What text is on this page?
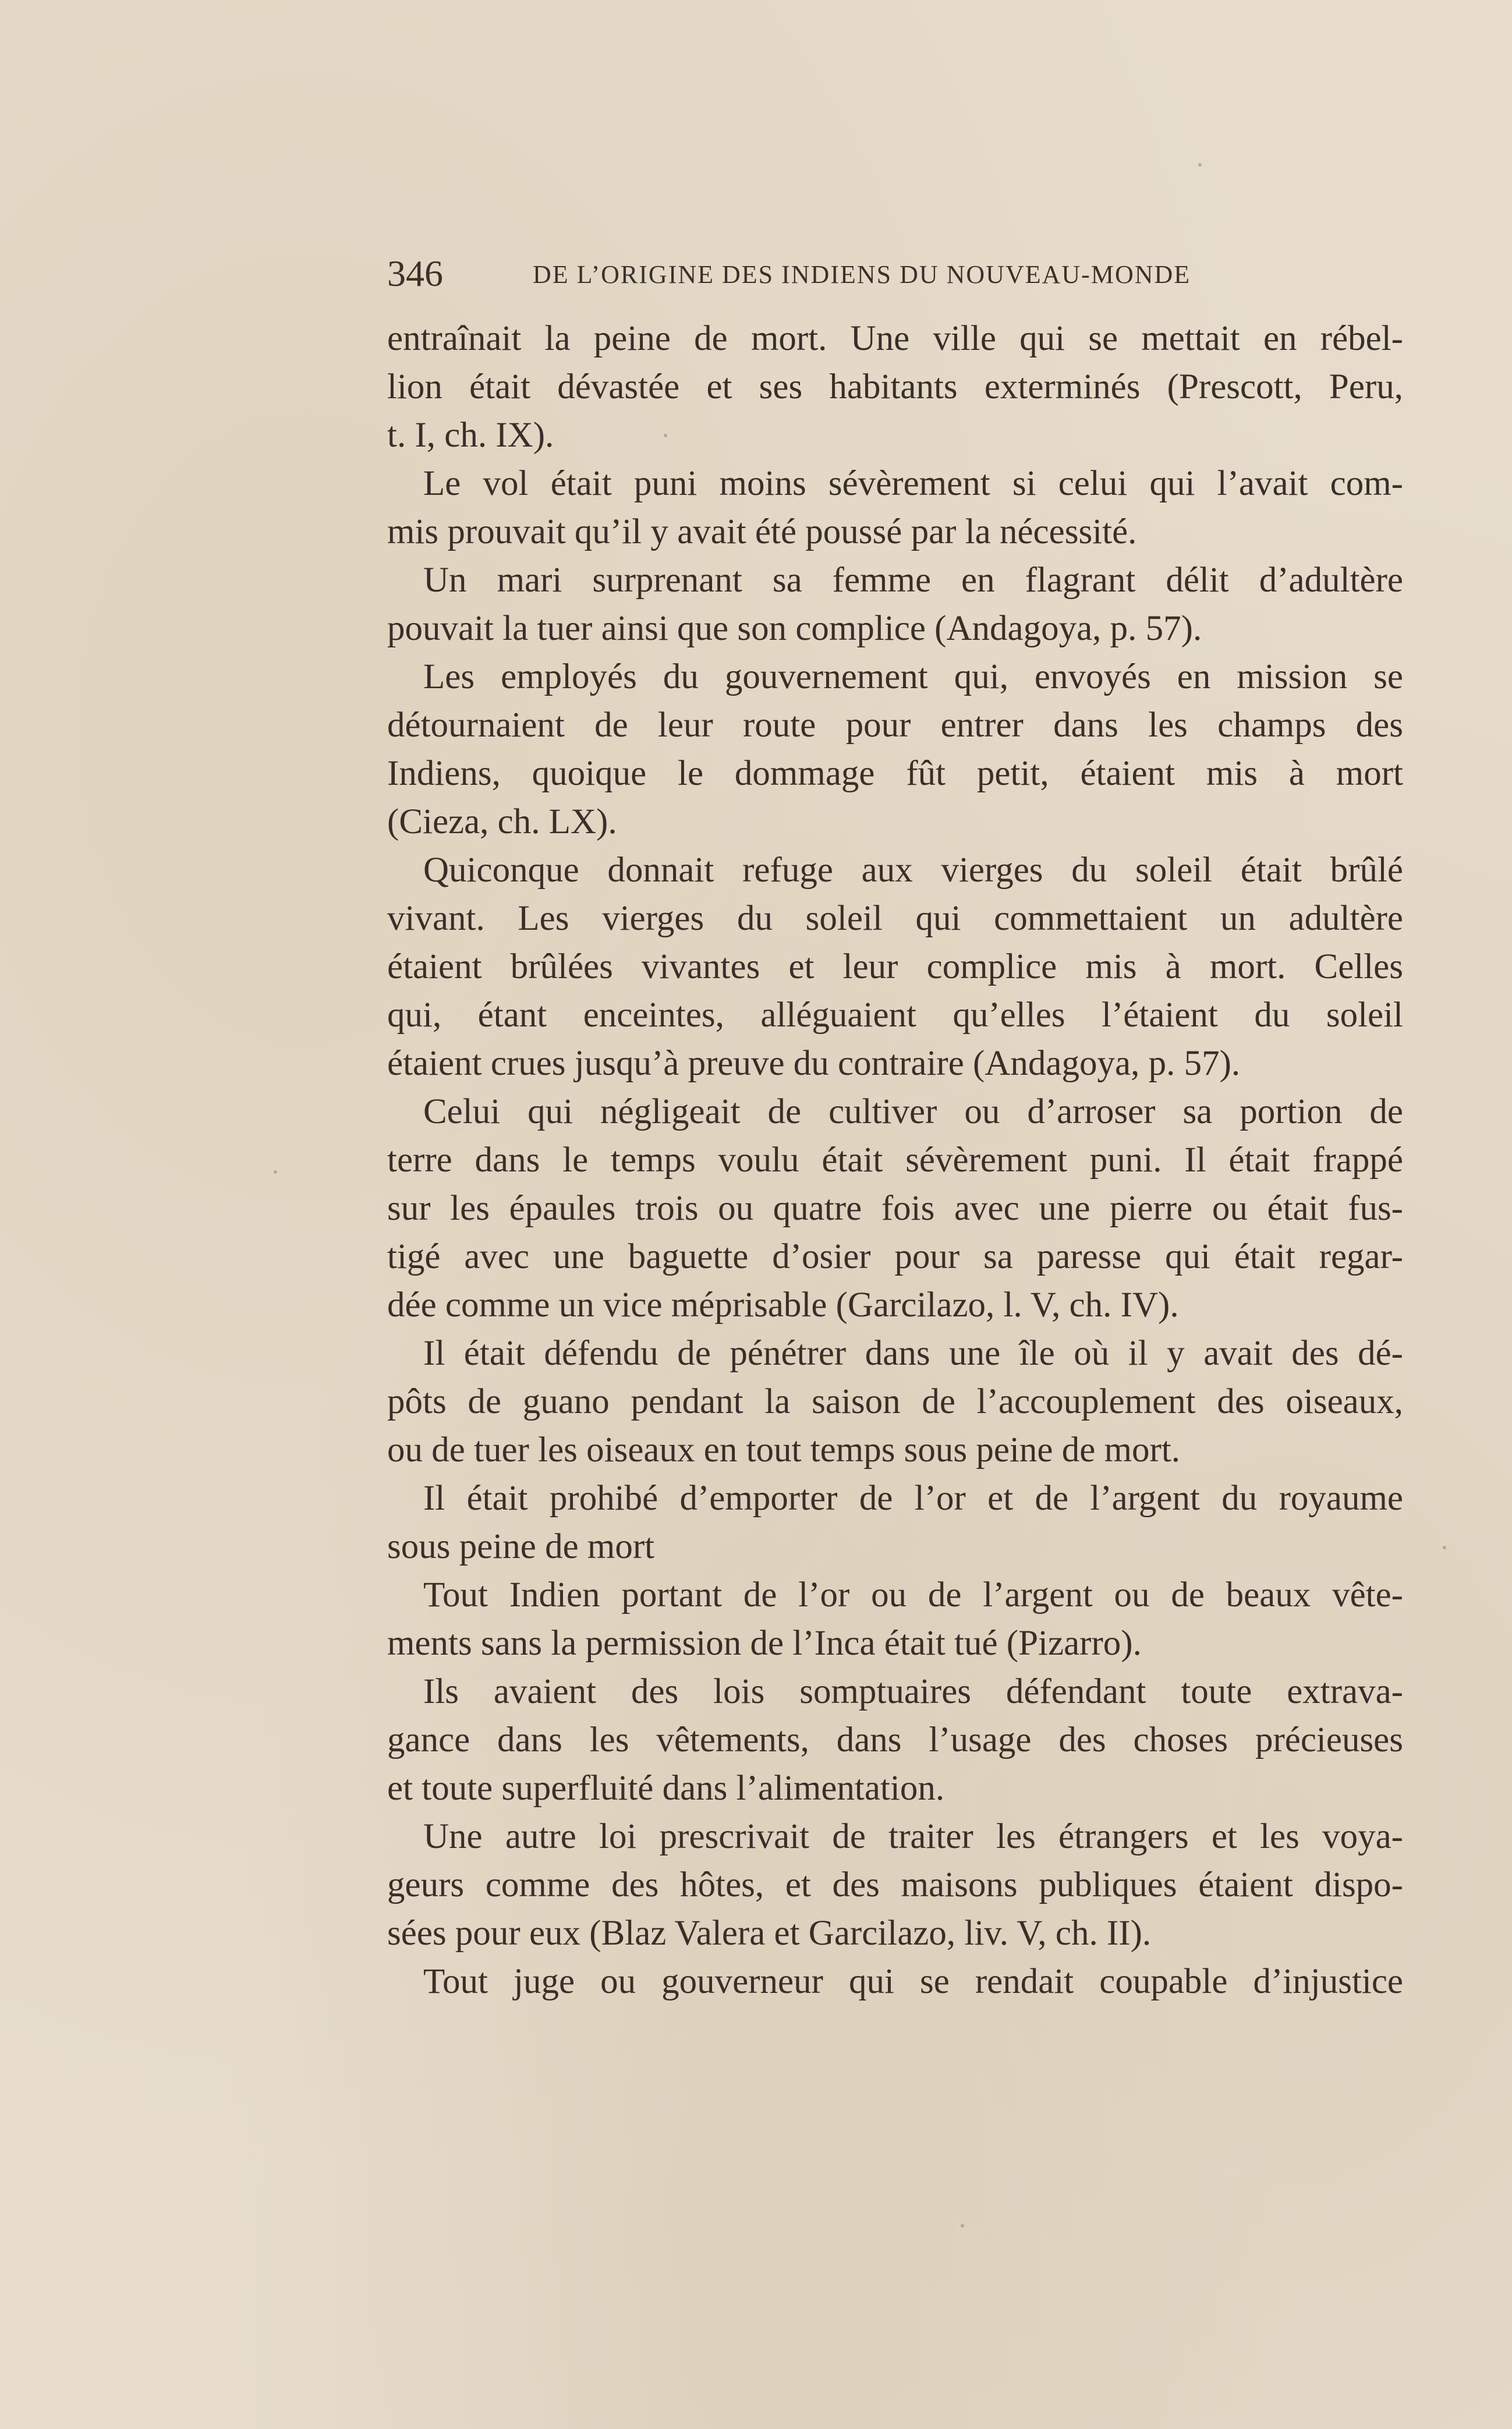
346	DE L’ORIGINE DES INDIENS DU NOUVEAU-MONDE
entraînait la peine de mort. Une ville qui se mettait en rébel-
lion était dévastée et ses habitants exterminés (Prescott, Peru,
t. I, ch. IX).
Le vol était puni moins sévèrement si celui qui l’avait com-
mis prouvait qu’il y avait été poussé par la nécessité.
Un mari surprenant sa femme en flagrant délit d’adultère
pouvait la tuer ainsi que son complice (Andagoya, p. 57).
Les employés du gouvernement qui, envoyés en mission se
détournaient de leur route pour entrer dans les champs des
Indiens, quoique le dommage fût petit, étaient mis à mort
(Cieza, ch. LX).
Quiconque donnait refuge aux vierges du soleil était brûlé
vivant. Les vierges du soleil qui commettaient un adultère
étaient brûlées vivantes et leur complice mis à mort. Celles
qui, étant enceintes, alléguaient qu’elles l’étaient du soleil
étaient crues jusqu’à preuve du contraire (Andagoya, p. 57).
Celui qui négligeait de cultiver ou d’arroser sa portion de
terre dans le temps voulu était sévèrement puni. Il était frappé
sur les épaules trois ou quatre fois avec une pierre ou était fus-
tigé avec une baguette d’osier pour sa paresse qui était regar-
dée comme un vice méprisable (Garcilazo, l. V, ch. IV).
Il était défendu de pénétrer dans une île où il y avait des dé-
pôts de guano pendant la saison de l’accouplement des oiseaux,
ou de tuer les oiseaux en tout temps sous peine de mort.
Il était prohibé d’emporter de l’or et de l’argent du royaume
sous peine de mort
Tout Indien portant de l’or ou de l’argent ou de beaux vête-
ments sans la permission de l’Inca était tué (Pizarro).
Ils avaient des lois somptuaires défendant toute extrava-
gance dans les vêtements, dans l’usage des choses précieuses
et toute superfluité dans l’alimentation.
Une autre loi prescrivait de traiter les étrangers et les voya-
geurs comme des hôtes, et des maisons publiques étaient dispo-
sées pour eux (Blaz Valera et Garcilazo, liv. V, ch. II).
Tout juge ou gouverneur qui se rendait coupable d’injustice
